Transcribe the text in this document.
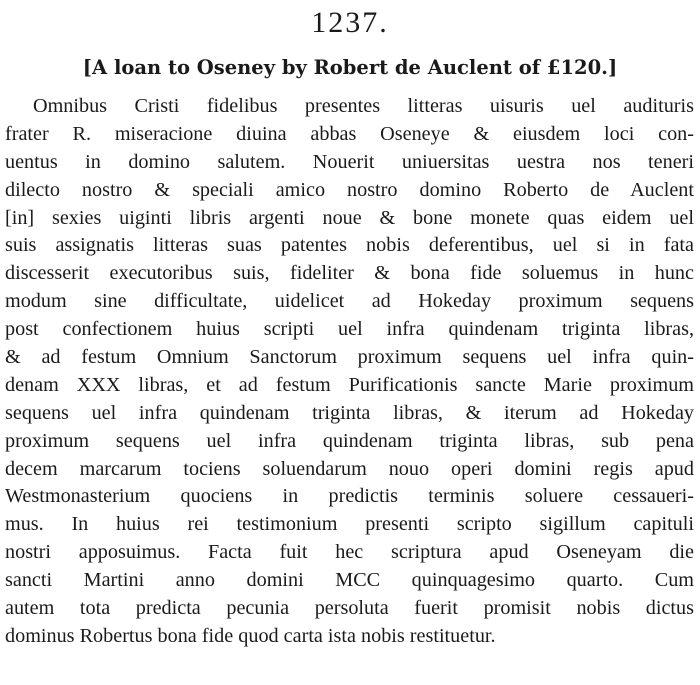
1237.
[A loan to Oseney by Robert de Auclent of £120.]
Omnibus Cristi fidelibus presentes litteras uisuris uel audituris
frater R. miseracione diuina abbas Oseneye & eiusdem loci con-
uentus in domino salutem. Nouerit uniuersitas uestra nos teneri
dilecto nostro & speciali amico nostro domino Roberto de Auclent
[in] sexies uiginti libris argenti noue & bone monete quas eidem uel
suis assignatis litteras suas patentes nobis deferentibus, uel si in fata
discesserit executoribus suis, fideliter & bona fide soluemus in hunc
modum sine difficultate, uidelicet ad Hokeday proximum sequens
post confectionem huius scripti uel infra quindenam triginta libras,
& ad festum Omnium Sanctorum proximum sequens uel infra quin-
denam XXX libras, et ad festum Purificationis sancte Marie proximum
sequens uel infra quindenam triginta libras, & iterum ad Hokeday
proximum sequens uel infra quindenam triginta libras, sub pena
decem marcarum tociens soluendarum nouo operi domini regis apud
Westmonasterium quociens in predictis terminis soluere cessaueri-
mus. In huius rei testimonium presenti scripto sigillum capituli
nostri apposuimus. Facta fuit hec scriptura apud Oseneyam die
sancti Martini anno domini MCC quinquagesimo quarto. Cum
autem tota predicta pecunia persoluta fuerit promisit nobis dictus
dominus Robertus bona fide quod carta ista nobis restituetur.
